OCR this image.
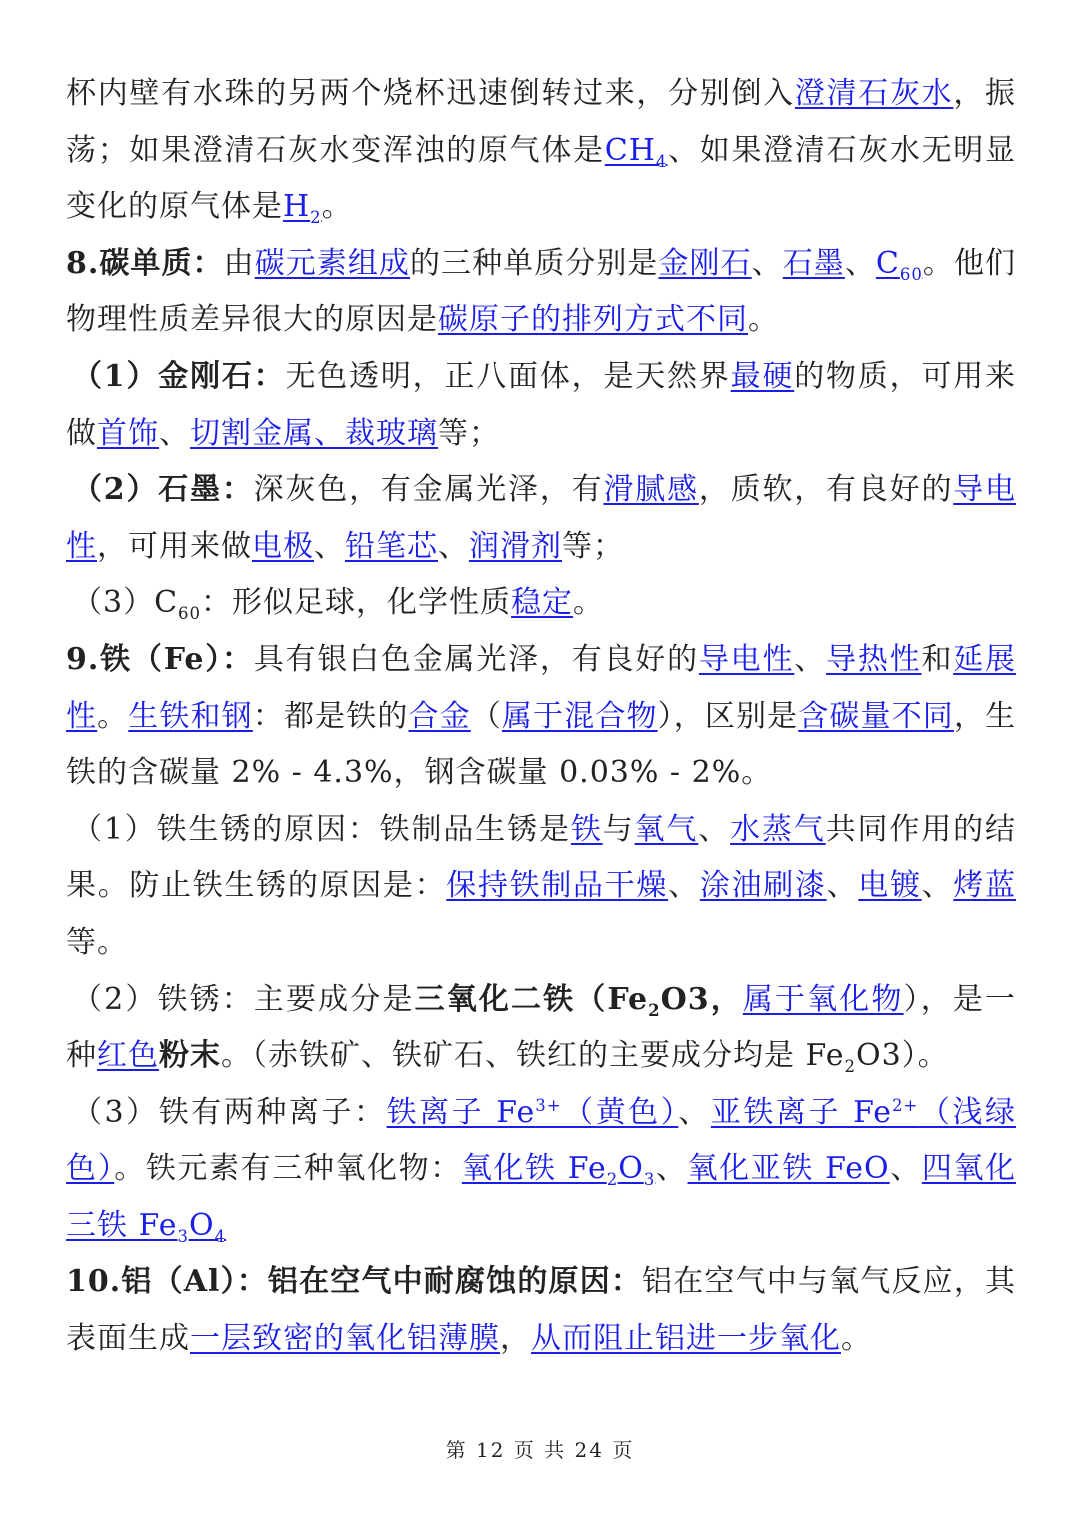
杯内壁有水珠的另两个烧杯迅速倒转过来，分别倒入澄清石灰水，振荡；如果澄清石灰水变浑浊的原气体是$CH_4$、如果澄清石灰水无明显变化的原气体是$H_2$。

8.碳单质：由碳元素组成的三种单质分别是金刚石、石墨、$C_{60}$。他们物理性质差异很大的原因是碳原子的排列方式不同。

（1）金刚石：无色透明，正八面体，是天然界最硬的物质，可用来做首饰、切割金属、裁玻璃等；

（2）石墨：深灰色，有金属光泽，有滑腻感，质软，有良好的导电性，可用来做电极、铅笔芯、润滑剂等；

$(3)C_{60}$：形似足球，化学性质稳定。

9.铁（Fe）：具有银白色金属光泽，有良好的导电性、导热性和延展性。生铁和钢：都是铁的合金（属于混合物），区别是含碳量不同，生铁的含碳量 2% - 4.3%，钢含碳量 0.03% - 2%。

（1）铁生锈的原因：铁制品生锈是铁与氧气、水蒸气共同作用的结果。防止铁生锈的原因是：保持铁制品干燥、涂油刷漆、电镀、烤蓝等。

（2）铁锈：主要成分是三氧化二铁（$Fe_2O3$，属于氧化物），是一种红色粉末。（赤铁矿、铁矿石、铁红的主要成分均是 $Fe_2O3$）。

（3）铁有两种离子：铁离子 $Fe^{3+}$（黄色）、亚铁离子 $Fe^{2+}$（浅绿色）。铁元素有三种氧化物：氧化铁 $Fe_2O_3$、氧化亚铁 FeO、四氧化三铁 $Fe_3O_4$

10.铝（Al）：铝在空气中耐腐蚀的原因：铝在空气中与氧气反应，其表面生成一层致密的氧化铝薄膜，从而阻止铝进一步氧化。

第 12 页 共 24 页
